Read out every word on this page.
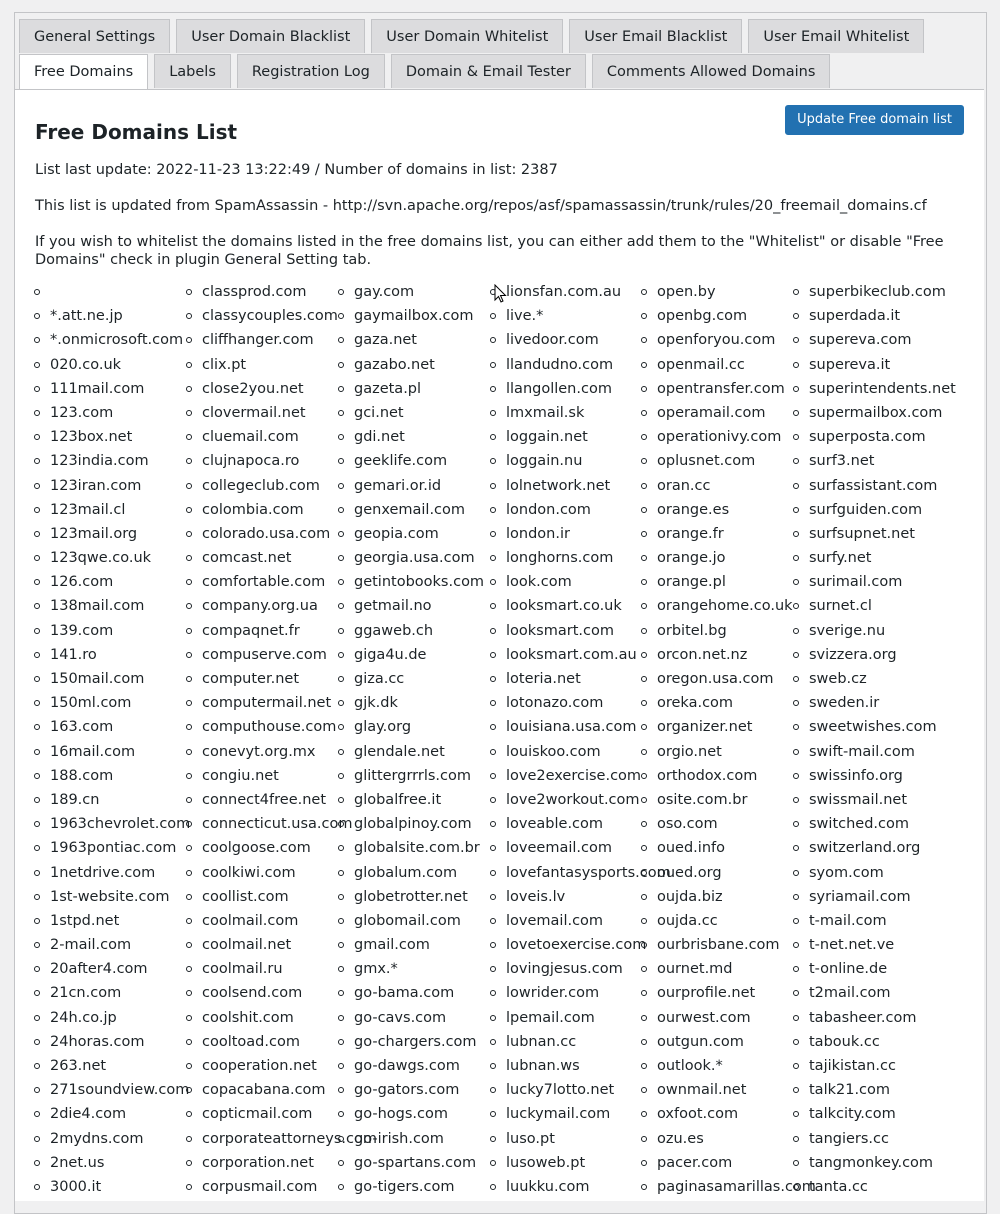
General Settings	User Domain Blacklist	User Domain Whitelist	User Email Blacklist	User Email Whitelist
Free Domains	Labels	Registration Log	Domain & Email Tester	Comments Allowed Domains
Update Free domain list
Free Domains List

List last update: 2022-11-23 13:22:49 / Number of domains in list: 2387

This list is updated from SpamAssassin - http://svn.apache.org/repos/asf/spamassassin/trunk/rules/20_freemail_domains.cf

If you wish to whitelist the domains listed in the free domains list, you can either add them to the "Whitelist" or disable "Free Domains" check in plugin General Setting tab.

*.att.ne.jp
*.onmicrosoft.com
020.co.uk
111mail.com
123.com
123box.net
123india.com
123iran.com
123mail.cl
123mail.org
123qwe.co.uk
126.com
138mail.com
139.com
141.ro
150mail.com
150ml.com
163.com
16mail.com
188.com
189.cn
1963chevrolet.com
1963pontiac.com
1netdrive.com
1st-website.com
1stpd.net
2-mail.com
20after4.com
21cn.com
24h.co.jp
24horas.com
263.net
271soundview.com
2die4.com
2mydns.com
2net.us
3000.it
classprod.com
classycouples.com
cliffhanger.com
clix.pt
close2you.net
clovermail.net
cluemail.com
clujnapoca.ro
collegeclub.com
colombia.com
colorado.usa.com
comcast.net
comfortable.com
company.org.ua
compaqnet.fr
compuserve.com
computer.net
computermail.net
computhouse.com
conevyt.org.mx
congiu.net
connect4free.net
connecticut.usa.com
coolgoose.com
coolkiwi.com
coollist.com
coolmail.com
coolmail.net
coolmail.ru
coolsend.com
coolshit.com
cooltoad.com
cooperation.net
copacabana.com
copticmail.com
corporateattorneys.com
corporation.net
corpusmail.com
gay.com
gaymailbox.com
gaza.net
gazabo.net
gazeta.pl
gci.net
gdi.net
geeklife.com
gemari.or.id
genxemail.com
geopia.com
georgia.usa.com
getintobooks.com
getmail.no
ggaweb.ch
giga4u.de
giza.cc
gjk.dk
glay.org
glendale.net
glittergrrrls.com
globalfree.it
globalpinoy.com
globalsite.com.br
globalum.com
globetrotter.net
globomail.com
gmail.com
gmx.*
go-bama.com
go-cavs.com
go-chargers.com
go-dawgs.com
go-gators.com
go-hogs.com
go-irish.com
go-spartans.com
go-tigers.com
lionsfan.com.au
live.*
livedoor.com
llandudno.com
llangollen.com
lmxmail.sk
loggain.net
loggain.nu
lolnetwork.net
london.com
london.ir
longhorns.com
look.com
looksmart.co.uk
looksmart.com
looksmart.com.au
loteria.net
lotonazo.com
louisiana.usa.com
louiskoo.com
love2exercise.com
love2workout.com
loveable.com
loveemail.com
lovefantasysports.com
loveis.lv
lovemail.com
lovetoexercise.com
lovingjesus.com
lowrider.com
lpemail.com
lubnan.cc
lubnan.ws
lucky7lotto.net
luckymail.com
luso.pt
lusoweb.pt
luukku.com
open.by
openbg.com
openforyou.com
openmail.cc
opentransfer.com
operamail.com
operationivy.com
oplusnet.com
oran.cc
orange.es
orange.fr
orange.jo
orange.pl
orangehome.co.uk
orbitel.bg
orcon.net.nz
oregon.usa.com
oreka.com
organizer.net
orgio.net
orthodox.com
osite.com.br
oso.com
oued.info
oued.org
oujda.biz
oujda.cc
ourbrisbane.com
ournet.md
ourprofile.net
ourwest.com
outgun.com
outlook.*
ownmail.net
oxfoot.com
ozu.es
pacer.com
paginasamarillas.com
superbikeclub.com
superdada.it
supereva.com
supereva.it
superintendents.net
supermailbox.com
superposta.com
surf3.net
surfassistant.com
surfguiden.com
surfsupnet.net
surfy.net
surimail.com
surnet.cl
sverige.nu
svizzera.org
sweb.cz
sweden.ir
sweetwishes.com
swift-mail.com
swissinfo.org
swissmail.net
switched.com
switzerland.org
syom.com
syriamail.com
t-mail.com
t-net.net.ve
t-online.de
t2mail.com
tabasheer.com
tabouk.cc
tajikistan.cc
talk21.com
talkcity.com
tangiers.cc
tangmonkey.com
tanta.cc
